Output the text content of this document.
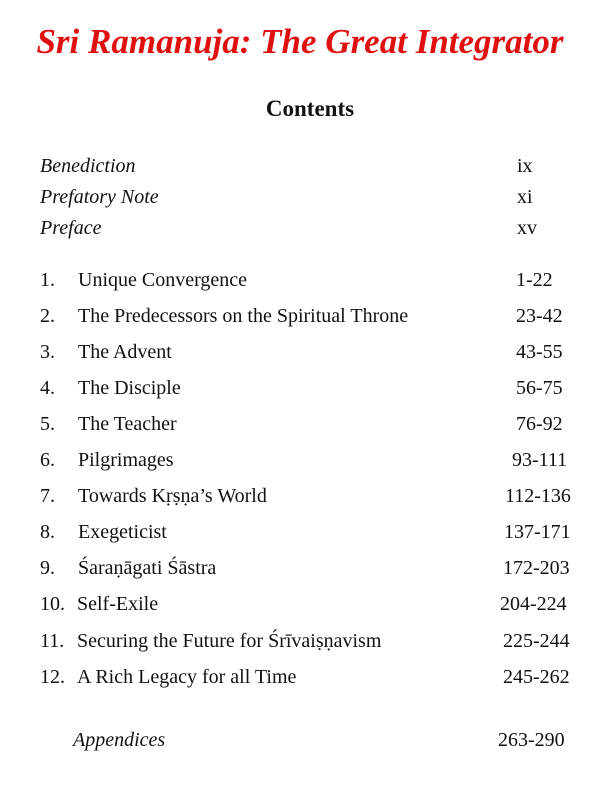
Sri Ramanuja: The Great Integrator
Contents
Benediction	ix
Prefatory Note	xi
Preface	xv
1.	Unique Convergence	1-22
2.	The Predecessors on the Spiritual Throne	23-42
3.	The Advent	43-55
4.	The Disciple	56-75
5.	The Teacher	76-92
6.	Pilgrimages	93-111
7.	Towards Kṛṣṇa’s World	112-136
8.	Exegeticist	137-171
9.	Śaraṇāgati Śāstra	172-203
10. Self-Exile	204-224
11. Securing the Future for Śrīvaiṣṇavism	225-244
12. A Rich Legacy for all Time	245-262
Appendices	263-290
